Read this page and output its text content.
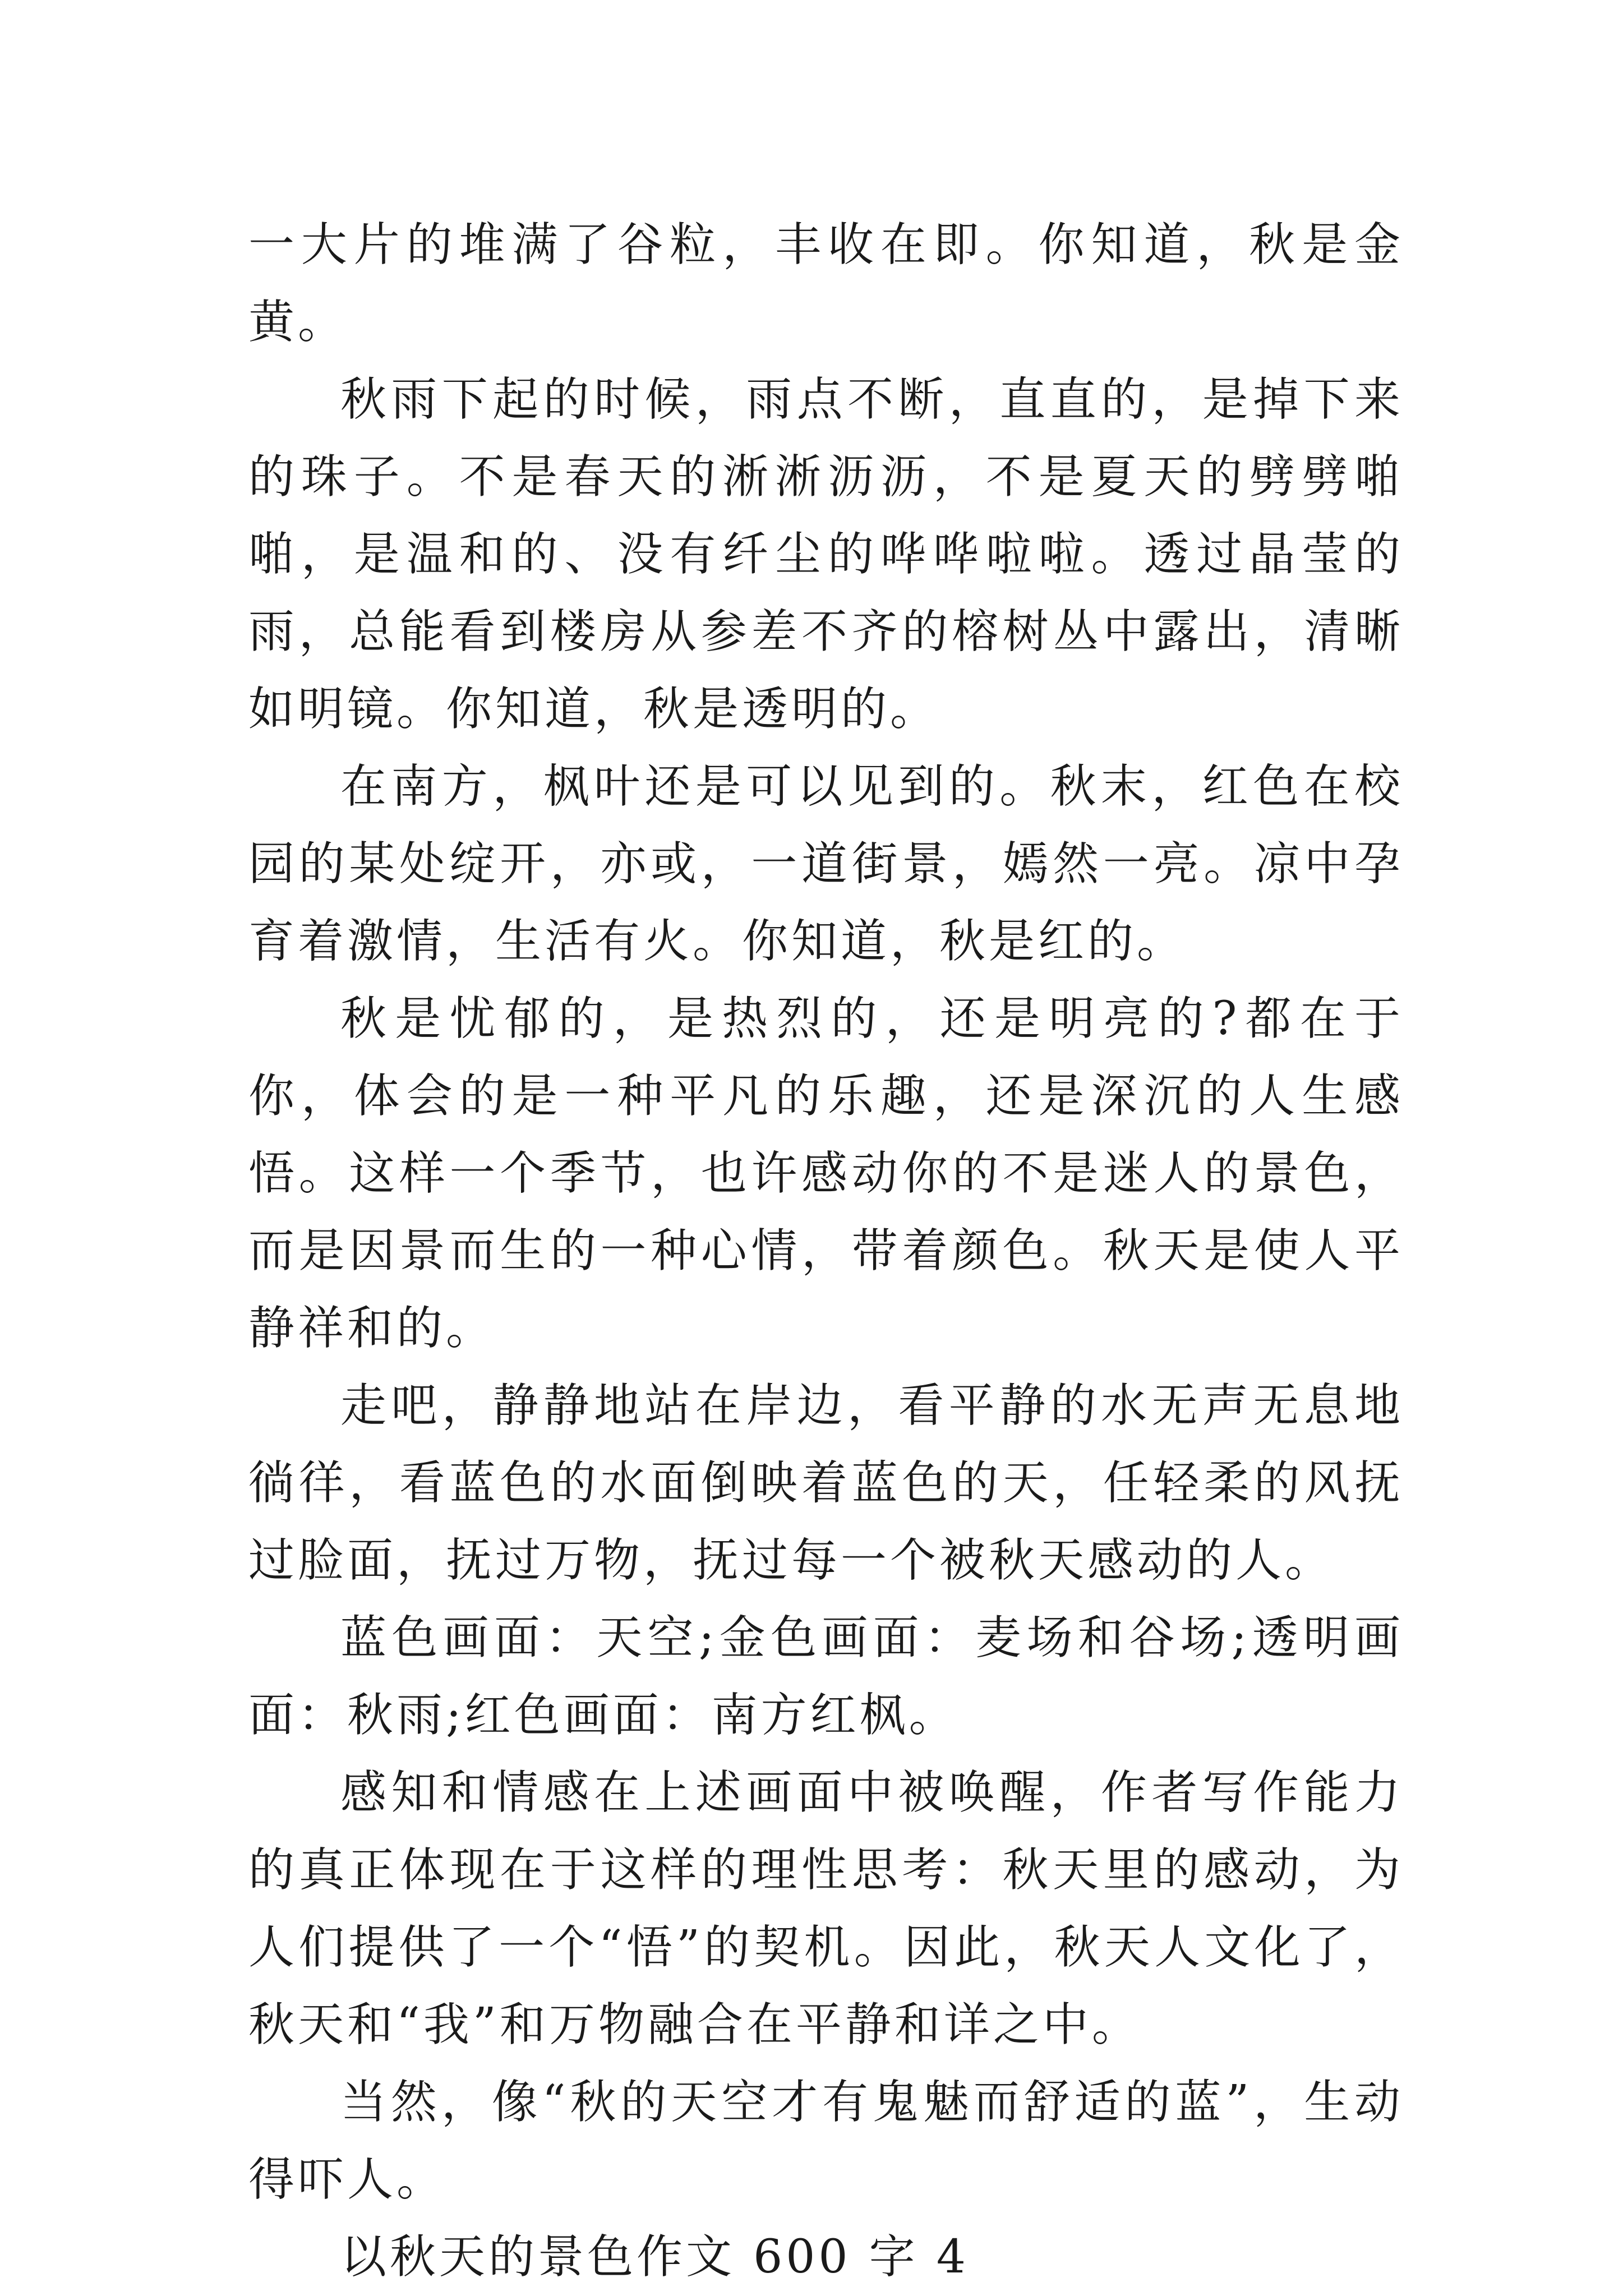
一大片的堆满了谷粒，丰收在即。你知道，秋是金黄。

秋雨下起的时候，雨点不断，直直的，是掉下来的珠子。不是春天的淅淅沥沥，不是夏天的劈劈啪啪，是温和的、没有纤尘的哗哗啦啦。透过晶莹的雨，总能看到楼房从参差不齐的榕树丛中露出，清晰如明镜。你知道，秋是透明的。

在南方，枫叶还是可以见到的。秋末，红色在校园的某处绽开，亦或，一道街景，嫣然一亮。凉中孕育着激情，生活有火。你知道，秋是红的。

秋是忧郁的，是热烈的，还是明亮的?都在于你，体会的是一种平凡的乐趣，还是深沉的人生感悟。这样一个季节，也许感动你的不是迷人的景色，而是因景而生的一种心情，带着颜色。秋天是使人平静祥和的。

走吧，静静地站在岸边，看平静的水无声无息地徜徉，看蓝色的水面倒映着蓝色的天，任轻柔的风抚过脸面，抚过万物，抚过每一个被秋天感动的人。

蓝色画面：天空;金色画面：麦场和谷场;透明画面：秋雨;红色画面：南方红枫。

感知和情感在上述画面中被唤醒，作者写作能力的真正体现在于这样的理性思考：秋天里的感动，为人们提供了一个“悟”的契机。因此，秋天人文化了，秋天和“我”和万物融合在平静和详之中。

当然，像“秋的天空才有鬼魅而舒适的蓝”，生动得吓人。

以秋天的景色作文 600 字 4
